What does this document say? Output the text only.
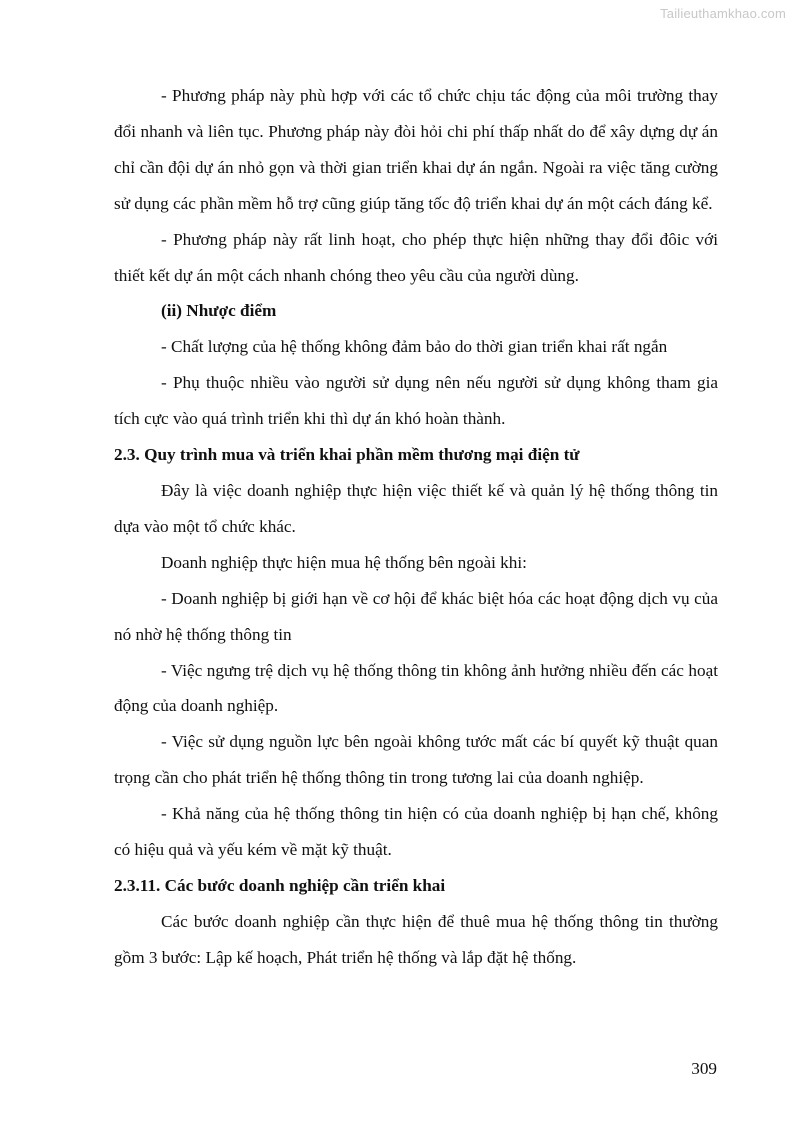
Tailieuthamkhao.com

- Phương pháp này phù hợp với các tổ chức chịu tác động của môi trường thay đổi nhanh và liên tục. Phương pháp này đòi hỏi chi phí thấp nhất do để xây dựng dự án chỉ cần đội dự án nhỏ gọn và thời gian triển khai dự án ngắn. Ngoài ra việc tăng cường sử dụng các phần mềm hỗ trợ cũng giúp tăng tốc độ triển khai dự án một cách đáng kể.

- Phương pháp này rất linh hoạt, cho phép thực hiện những thay đổi đôic với thiết kết dự án một cách nhanh chóng theo yêu cầu của người dùng.

(ii) Nhược điểm

- Chất lượng của hệ thống không đảm bảo do thời gian triển khai rất ngắn

- Phụ thuộc nhiều vào người sử dụng nên nếu người sử dụng không tham gia tích cực vào quá trình triển khi thì dự án khó hoàn thành.

2.3. Quy trình mua và triển khai phần mềm thương mại điện tử

Đây là việc doanh nghiệp thực hiện việc thiết kế và quản lý hệ thống thông tin dựa vào một tổ chức khác.

Doanh nghiệp thực hiện mua hệ thống bên ngoài khi:

- Doanh nghiệp bị giới hạn về cơ hội để khác biệt hóa các hoạt động dịch vụ của nó nhờ hệ thống thông tin

- Việc ngưng trệ dịch vụ hệ thống thông tin không ảnh hưởng nhiều đến các hoạt động của doanh nghiệp.

- Việc sử dụng nguồn lực bên ngoài không tước mất các bí quyết kỹ thuật quan trọng cần cho phát triển hệ thống thông tin trong tương lai của doanh nghiệp.

- Khả năng của hệ thống thông tin hiện có của doanh nghiệp bị hạn chế, không có hiệu quả và yếu kém về mặt kỹ thuật.

2.3.11. Các bước doanh nghiệp cần triển khai

Các bước doanh nghiệp cần thực hiện để thuê mua hệ thống thông tin thường gồm 3 bước: Lập kế hoạch, Phát triển hệ thống và lắp đặt hệ thống.

309
